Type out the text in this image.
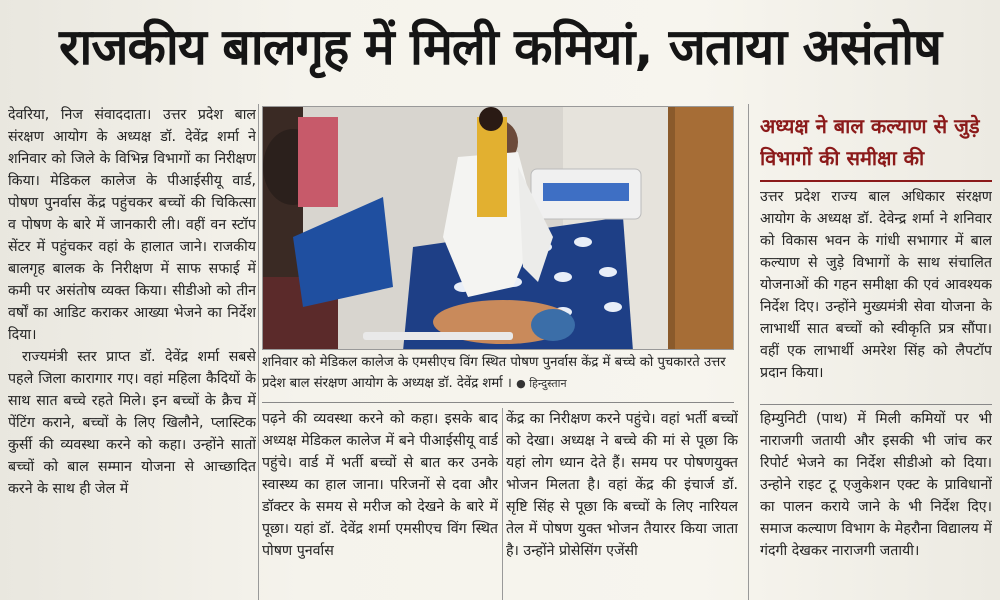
राजकीय बालगृह में मिली कमियां, जताया असंतोष

देवरिया, निज संवाददाता। उत्तर प्रदेश बाल संरक्षण आयोग के अध्यक्ष डॉ. देवेंद्र शर्मा ने शनिवार को जिले के विभिन्न विभागों का निरीक्षण किया। मेडिकल कालेज के पीआईसीयू वार्ड, पोषण पुनर्वास केंद्र पहुंचकर बच्चों की चिकित्सा व पोषण के बारे में जानकारी ली। वहीं वन स्टॉप सेंटर में पहुंचकर वहां के हालात जाने। राजकीय बालगृह बालक के निरीक्षण में साफ सफाई में कमी पर असंतोष व्यक्त किया। सीडीओ को तीन वर्षों का आडिट कराकर आख्या भेजने का निर्देश दिया।

राज्यमंत्री स्तर प्राप्त डॉ. देवेंद्र शर्मा सबसे पहले जिला कारागार गए। वहां महिला कैदियों के साथ सात बच्चे रहते मिले। इन बच्चों के क्रैच में पेंटिंग कराने, बच्चों के लिए खिलौने, प्लास्टिक कुर्सी की व्यवस्था करने को कहा। उन्होंने सातों बच्चों को बाल सम्मान योजना से आच्छादित करने के साथ ही जेल में

शनिवार को मेडिकल कालेज के एमसीएच विंग स्थित पोषण पुनर्वास केंद्र में बच्चे को पुचकारते उत्तर प्रदेश बाल संरक्षण आयोग के अध्यक्ष डॉ. देवेंद्र शर्मा । ● हिन्दुस्तान

पढ़ने की व्यवस्था करने को कहा। इसके बाद अध्यक्ष मेडिकल कालेज में बने पीआईसीयू वार्ड पहुंचे। वार्ड में भर्ती बच्चों से बात कर उनके स्वास्थ्य का हाल जाना। परिजनों से दवा और डॉक्टर के समय से मरीज को देखने के बारे में पूछा। यहां डॉ. देवेंद्र शर्मा एमसीएच विंग स्थित पोषण पुनर्वास

केंद्र का निरीक्षण करने पहुंचे। वहां भर्ती बच्चों को देखा। अध्यक्ष ने बच्चे की मां से पूछा कि यहां लोग ध्यान देते हैं। समय पर पोषणयुक्त भोजन मिलता है। वहां केंद्र की इंचार्ज डॉ. सृष्टि सिंह से पूछा कि बच्चों के लिए नारियल तेल में पोषण युक्त भोजन तैयारर किया जाता है। उन्होंने प्रोसेसिंग एजेंसी

अध्यक्ष ने बाल कल्याण से जुड़े विभागों की समीक्षा की

उत्तर प्रदेश राज्य बाल अधिकार संरक्षण आयोग के अध्यक्ष डॉ. देवेन्द्र शर्मा ने शनिवार को विकास भवन के गांधी सभागार में बाल कल्याण से जुड़े विभागों के साथ संचालित योजनाओं की गहन समीक्षा की एवं आवश्यक निर्देश दिए। उन्होंने मुख्यमंत्री सेवा योजना के लाभार्थी सात बच्चों को स्वीकृति प्रत्र सौंपा। वहीं एक लाभार्थी अमरेश सिंह को लैपटॉप प्रदान किया।

हिम्युनिटी (पाथ) में मिली कमियों पर भी नाराजगी जतायी और इसकी भी जांच कर रिपोर्ट भेजने का निर्देश सीडीओ को दिया। उन्होने राइट टू एजुकेशन एक्ट के प्राविधानों का पालन कराये जाने के भी निर्देश दिए। समाज कल्याण विभाग के मेहरौना विद्यालय में गंदगी देखकर नाराजगी जतायी।
